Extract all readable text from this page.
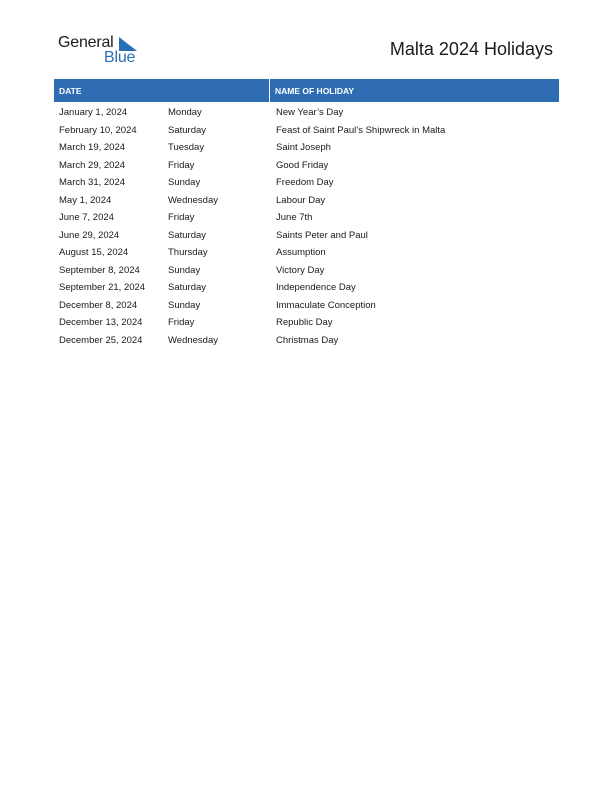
General
Blue	Malta 2024 Holidays
DATE	NAME OF HOLIDAY
January 1, 2024	Monday	New Year’s Day
February 10, 2024	Saturday	Feast of Saint Paul’s Shipwreck in Malta
March 19, 2024	Tuesday	Saint Joseph
March 29, 2024	Friday	Good Friday
March 31, 2024	Sunday	Freedom Day
May 1, 2024	Wednesday	Labour Day
June 7, 2024	Friday	June 7th
June 29, 2024	Saturday	Saints Peter and Paul
August 15, 2024	Thursday	Assumption
September 8, 2024	Sunday	Victory Day
September 21, 2024	Saturday	Independence Day
December 8, 2024	Sunday	Immaculate Conception
December 13, 2024	Friday	Republic Day
December 25, 2024	Wednesday	Christmas Day
